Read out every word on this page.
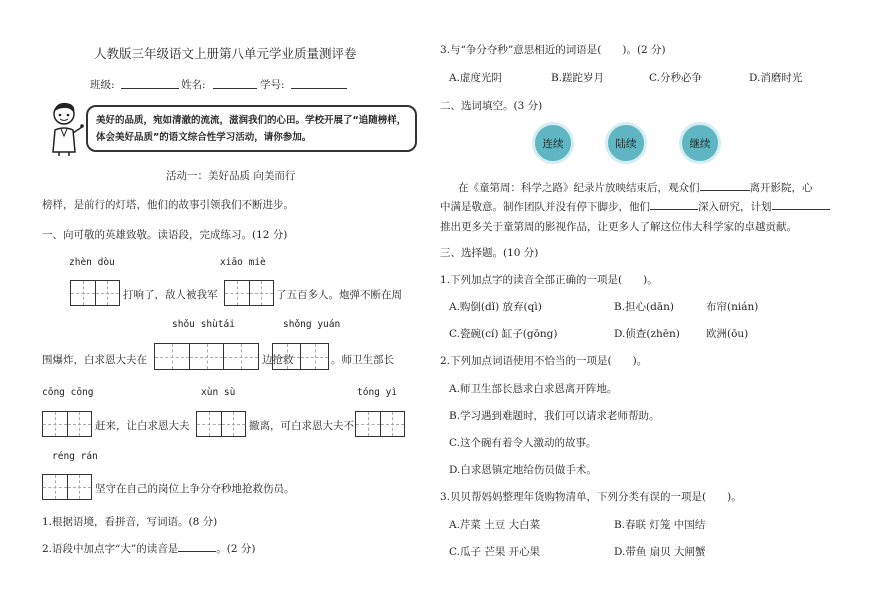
人教版三年级语文上册第八单元学业质量测评卷
班级:	姓名:	学号:
美好的品质，宛如清澈的流流，滋润我们的心田。学校开展了“追随榜样，
体会美好品质”的语文综合性学习活动，请你参加。
活动一：美好品质 向美而行
榜样，是前行的灯塔，他们的故事引领我们不断进步。
一、向可敬的英雄致敬。读语段，完成练习。(12 分)
zhèn dòu	xiāo miè
打响了，敌人被我军	了五百多人。炮弹不断在周
shǒu shùtái	shǒng yuán
围爆炸，白求恩大夫在	边抢救	。师卫生部长
cōng cōng	xùn sù	tóng yì
赶来，让白求恩大夫	撤离，可白求恩大夫不
réng rán
坚守在自己的岗位上争分夺秒地抢救伤员。
1.根据语境，看拼音，写词语。(8 分)
2.语段中加点字“大”的读音是	。(2 分)
3.与“争分夺秒”意思相近的词语是(　　)。(2 分)
A.虚度光阴	B.蹉跎岁月	C.分秒必争	D.消磨时光
二、选词填空。(3 分)
连续	陆续	继续
在《童第周：科学之路》纪录片放映结束后，观众们	离开影院，心
中满是敬意。制作团队并没有停下脚步，他们	深入研究，计划
推出更多关于童第周的影视作品，让更多人了解这位伟大科学家的卓越贡献。
三、选择题。(10 分)
1.下列加点字的读音全部正确的一项是(　　)。
A.购倒(dǐ) 放弃(qì)	B.担心(dān)	布帘(nián)
C.瓷碗(cí) 缸子(gōng)	D.侦查(zhēn) 欧洲(ōu)
2.下列加点词语使用不恰当的一项是(　　)。
A.师卫生部长恳求白求恩离开阵地。
B.学习遇到难题时，我们可以请求老师帮助。
C.这个碗有着令人激动的故事。
D.白求恩镇定地给伤员做手术。
3.贝贝帮妈妈整理年货购物清单，下列分类有误的一项是(　　)。
A.芹菜 土豆 大白菜	B.春联 灯笼 中国结
C.瓜子 芒果 开心果	D.带鱼 扇贝 大闸蟹
